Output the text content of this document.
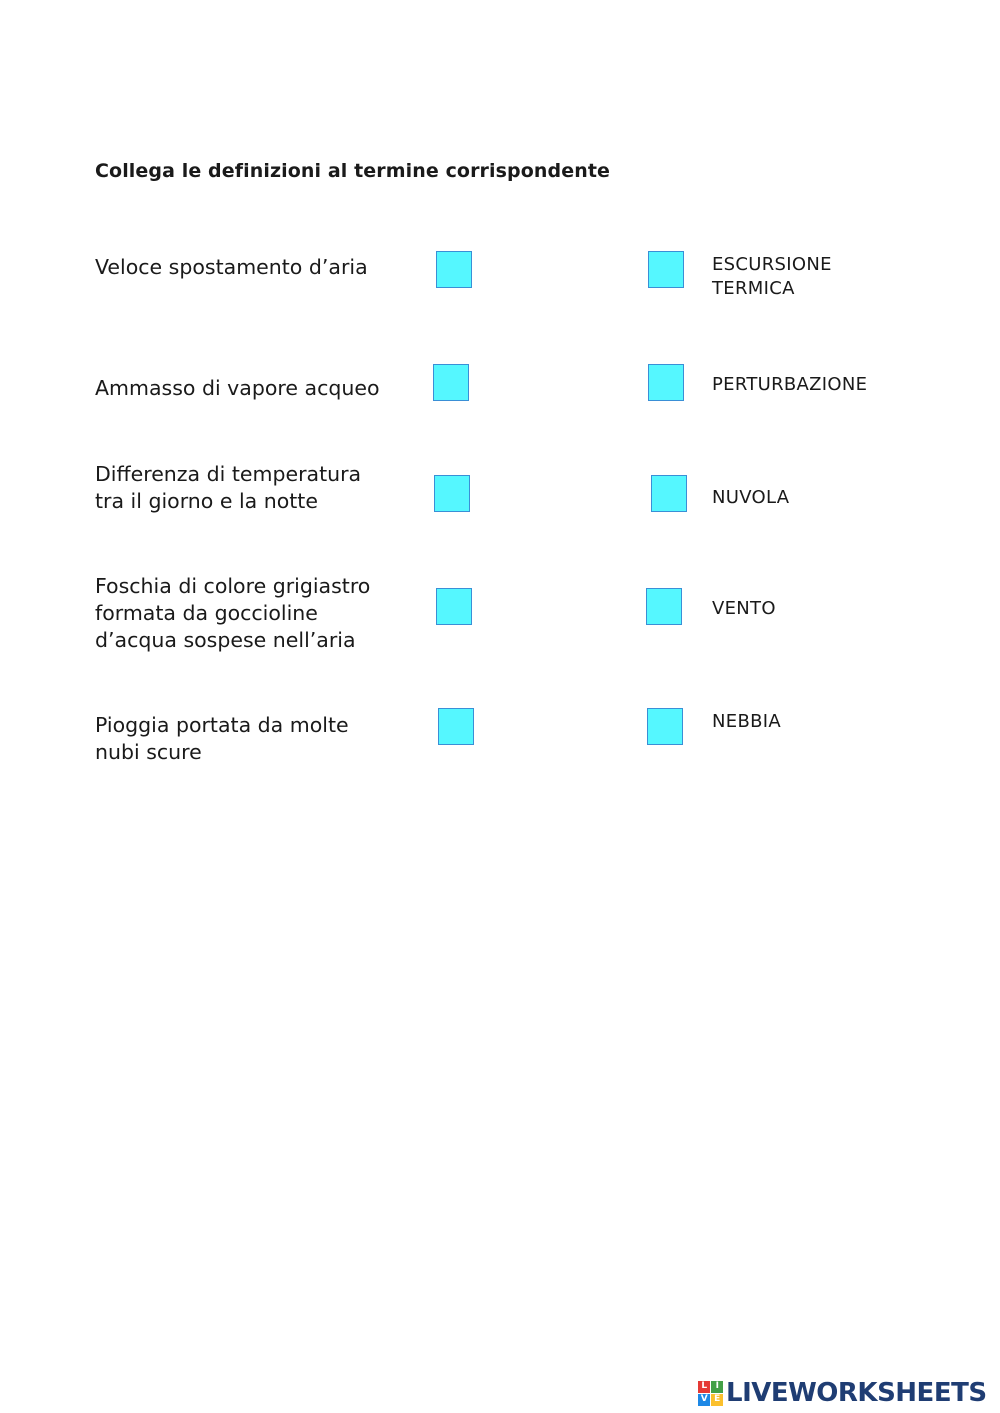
Collega le definizioni al termine corrispondente
Veloce spostamento d’aria
Ammasso di vapore acqueo
Differenza di temperatura
tra il giorno e la notte
Foschia di colore grigiastro
formata da goccioline
d’acqua sospese nell’aria
Pioggia portata da molte
nubi scure
ESCURSIONE
TERMICA
PERTURBAZIONE
NUVOLA
VENTO
NEBBIA
L I
V E LIVEWORKSHEETS
